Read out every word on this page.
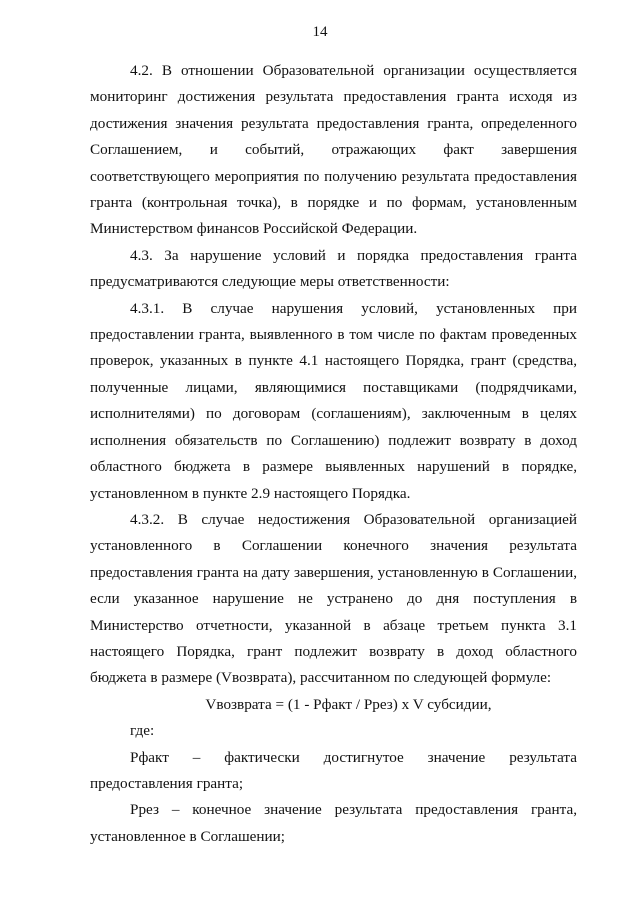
14

4.2. В отношении Образовательной организации осуществляется мониторинг достижения результата предоставления гранта исходя из достижения значения результата предоставления гранта, определенного Соглашением, и событий, отражающих факт завершения соответствующего мероприятия по получению результата предоставления гранта (контрольная точка), в порядке и по формам, установленным Министерством финансов Российской Федерации.

4.3. За нарушение условий и порядка предоставления гранта предусматриваются следующие меры ответственности:

4.3.1. В случае нарушения условий, установленных при предоставлении гранта, выявленного в том числе по фактам проведенных проверок, указанных в пункте 4.1 настоящего Порядка, грант (средства, полученные лицами, являющимися поставщиками (подрядчиками, исполнителями) по договорам (соглашениям), заключенным в целях исполнения обязательств по Соглашению) подлежит возврату в доход областного бюджета в размере выявленных нарушений в порядке, установленном в пункте 2.9 настоящего Порядка.

4.3.2. В случае недостижения Образовательной организацией установленного в Соглашении конечного значения результата предоставления гранта на дату завершения, установленную в Соглашении, если указанное нарушение не устранено до дня поступления в Министерство отчетности, указанной в абзаце третьем пункта 3.1 настоящего Порядка, грант подлежит возврату в доход областного бюджета в размере (Vвозврата), рассчитанном по следующей формуле:

Vвозврата = (1 - Рфакт / Ррез) x V субсидии,

где:

Рфакт – фактически достигнутое значение результата предоставления гранта;

Ррез – конечное значение результата предоставления гранта, установленное в Соглашении;
